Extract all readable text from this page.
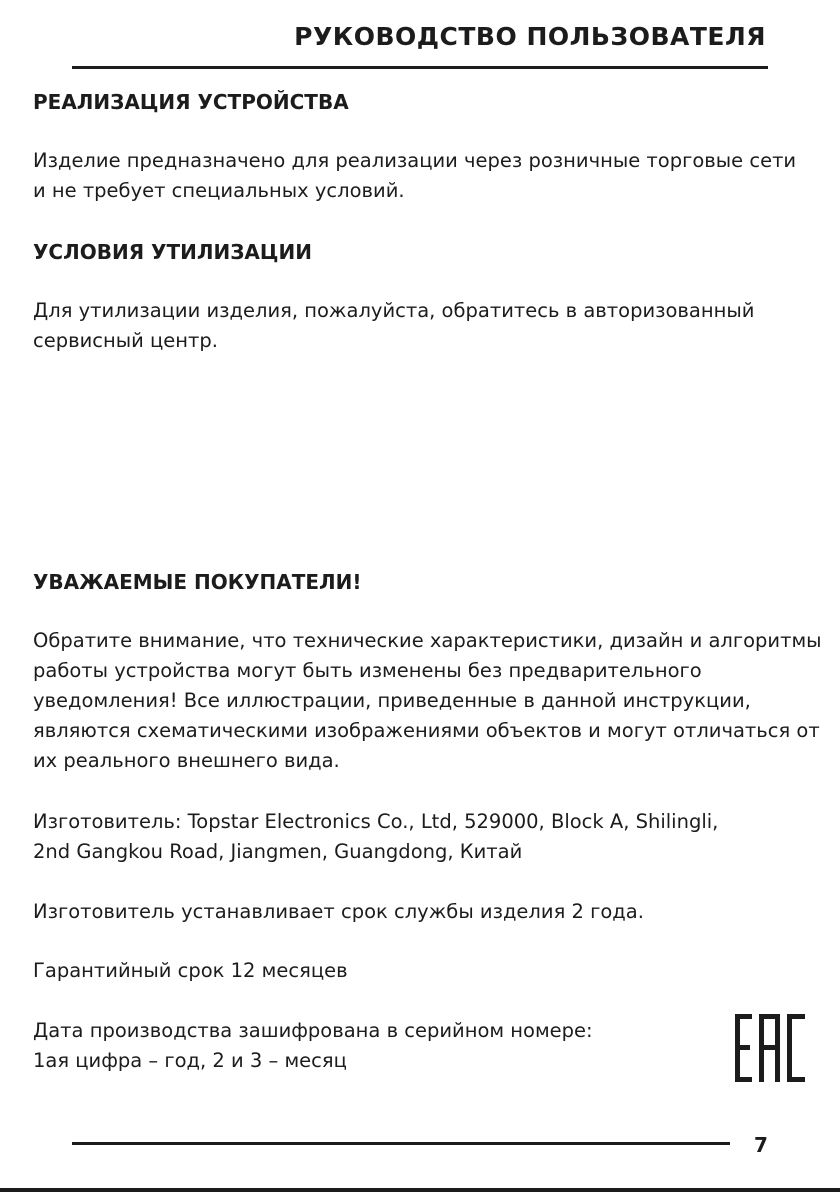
РУКОВОДСТВО ПОЛЬЗОВАТЕЛЯ
РЕАЛИЗАЦИЯ УСТРОЙСТВА
Изделие предназначено для реализации через розничные торговые сети
и не требует специальных условий.
УСЛОВИЯ УТИЛИЗАЦИИ
Для утилизации изделия, пожалуйста, обратитесь в авторизованный
сервисный центр.
УВАЖАЕМЫЕ ПОКУПАТЕЛИ!
Обратите внимание, что технические характеристики, дизайн и алгоритмы
работы устройства могут быть изменены без предварительного
уведомления! Все иллюстрации, приведенные в данной инструкции,
являются схематическими изображениями объектов и могут отличаться от
их реального внешнего вида.
Изготовитель: Topstar Electronics Co., Ltd, 529000, Block A, Shilingli,
2nd Gangkou Road, Jiangmen, Guangdong, Китай
Изготовитель устанавливает срок службы изделия 2 года.
Гарантийный срок 12 месяцев
Дата производства зашифрована в серийном номере:
1ая цифра – год, 2 и 3 – месяц
7
